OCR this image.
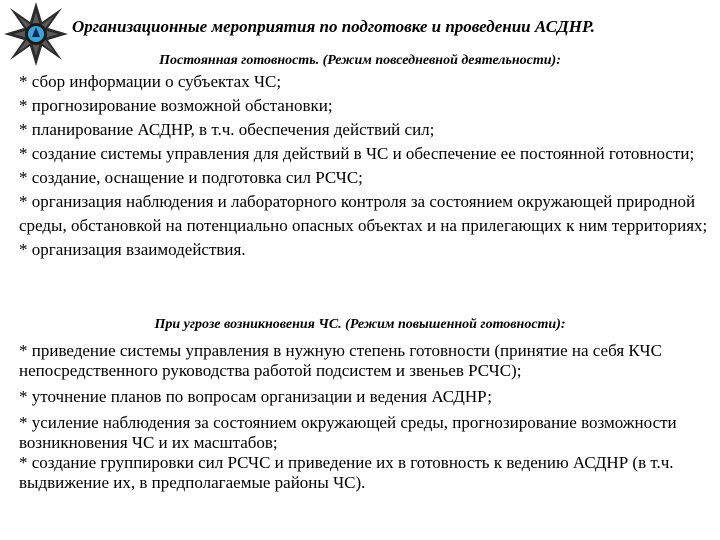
Организационные мероприятия по подготовке и проведении АСДНР.
Постоянная готовность. (Режим повседневной деятельности):
* сбор информации о субъектах ЧС;
* прогнозирование возможной обстановки;
* планирование АСДНР, в т.ч. обеспечения действий сил;
* создание системы управления для действий в ЧС и обеспечение ее постоянной готовности;
* создание, оснащение и подготовка сил РСЧС;
* организация наблюдения и лабораторного контроля за состоянием окружающей природной среды, обстановкой на потенциально опасных объектах и на прилегающих к ним территориях;
* организация взаимодействия.
При угрозе возникновения ЧС. (Режим повышенной готовности):
* приведение системы управления в нужную степень готовности (принятие на себя КЧС непосредственного руководства работой подсистем и звеньев РСЧС);
* уточнение планов по вопросам организации и ведения АСДНР;
* усиление наблюдения за состоянием окружающей среды, прогнозирование возможности возникновения ЧС и их масштабов;
* создание группировки сил РСЧС и приведение их в готовность к ведению АСДНР (в т.ч. выдвижение их, в предполагаемые районы ЧС).
